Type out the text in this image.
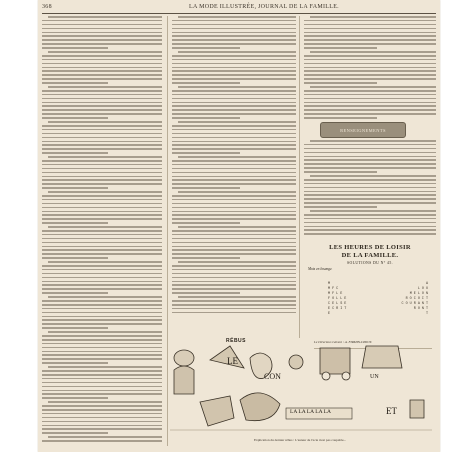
368	LA MODE ILLUSTRÉE, JOURNAL DE LA FAMILLE.
RENSEIGNEMENTS
LES HEURES DE LOISIR
DE LA FAMILLE.
SOLUTIONS DU N° 45.
Mots en losange.
M	A
M F C	L O U
M F L E	M E L O N
F O L L E	R O C O I T
C E L S E	C O U R A N T
E C R I T	R O N T
E	T
Le Directeur-Gérant : A. FIRMIN-DIDOT.
RÉBUS
LE
CON	UN
LA LA LA LA LA	ET
Explication du dernier rébus : L'auteur de l'acte n'est pas coupable...
